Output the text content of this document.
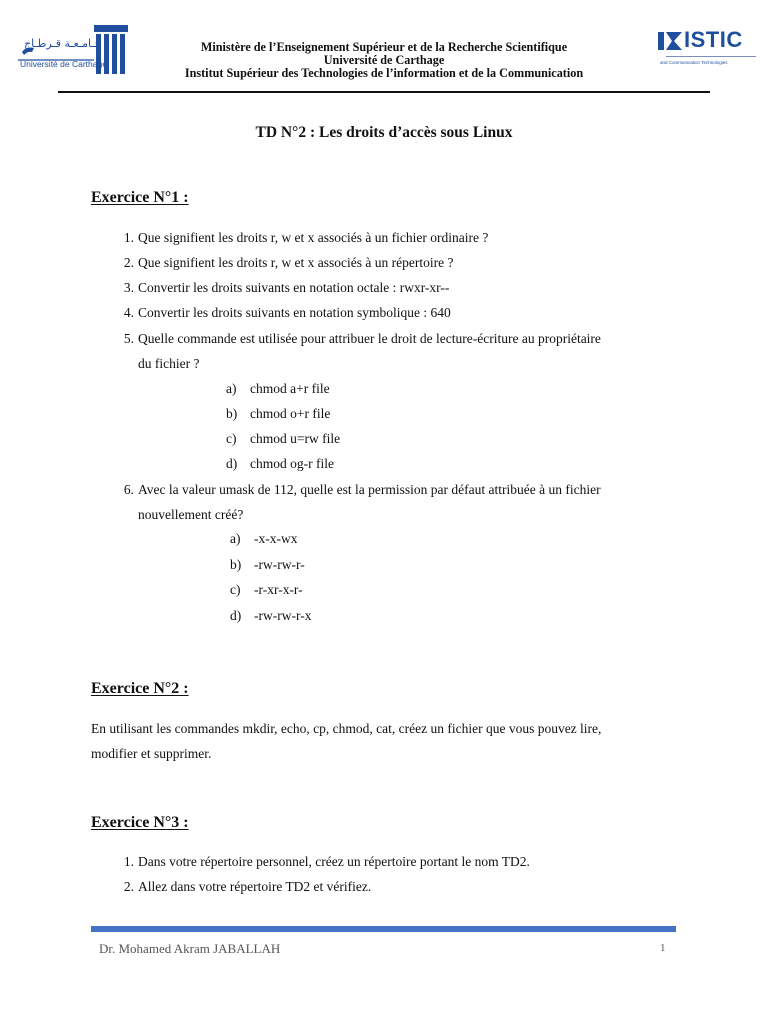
جـامـعـة قـرطـاج
Université de Carthage
ISTIC
and Communication Technologies
Ministère de l’Enseignement Supérieur et de la Recherche Scientifique
Université de Carthage
Institut Supérieur des Technologies de l’information et de la Communication
TD N°2 : Les droits d’accès sous Linux
Exercice N°1 :
1. Que signifient les droits r, w et x associés à un fichier ordinaire ?
2. Que signifient les droits r, w et x associés à un répertoire ?
3. Convertir les droits suivants en notation octale : rwxr-xr--
4. Convertir les droits suivants en notation symbolique : 640
5. Quelle commande est utilisée pour attribuer le droit de lecture-écriture au propriétaire
du fichier ?
a) chmod a+r file
b) chmod o+r file
c) chmod u=rw file
d) chmod og-r file
6. Avec la valeur umask de 112, quelle est la permission par défaut attribuée à un fichier
nouvellement créé?
a) -x-x-wx
b) -rw-rw-r-
c) -r-xr-x-r-
d) -rw-rw-r-x
Exercice N°2 :
En utilisant les commandes mkdir, echo, cp, chmod, cat, créez un fichier que vous pouvez lire,
modifier et supprimer.
Exercice N°3 :
1. Dans votre répertoire personnel, créez un répertoire portant le nom TD2.
2. Allez dans votre répertoire TD2 et vérifiez.
Dr. Mohamed Akram JABALLAH	1
